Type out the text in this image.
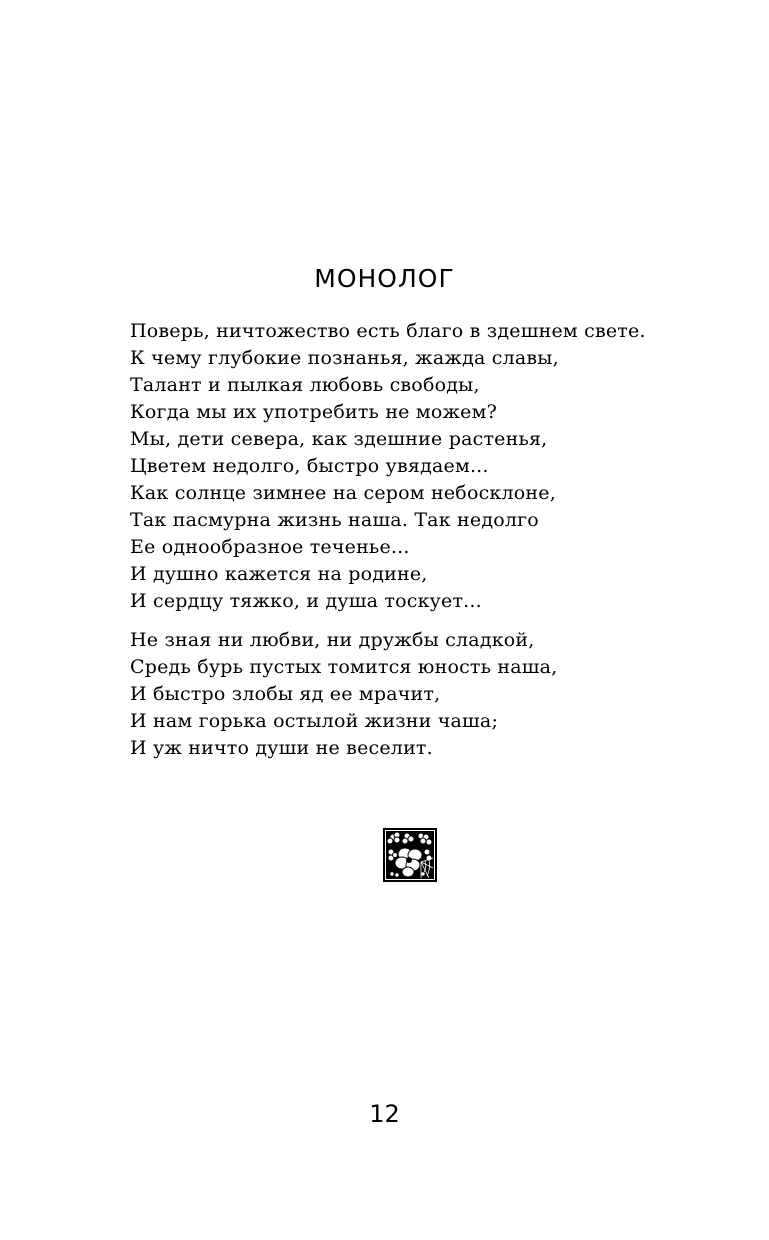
МОНОЛОГ
Поверь, ничтожество есть благо в здешнем свете.
К чему глубокие познанья, жажда славы,
Талант и пылкая любовь свободы,
Когда мы их употребить не можем?
Мы, дети севера, как здешние растенья,
Цветем недолго, быстро увядаем...
Как солнце зимнее на сером небосклоне,
Так пасмурна жизнь наша. Так недолго
Ее однообразное теченье...
И душно кажется на родине,
И сердцу тяжко, и душа тоскует...
Не зная ни любви, ни дружбы сладкой,
Средь бурь пустых томится юность наша,
И быстро злобы яд ее мрачит,
И нам горька остылой жизни чаша;
И уж ничто души не веселит.
12
